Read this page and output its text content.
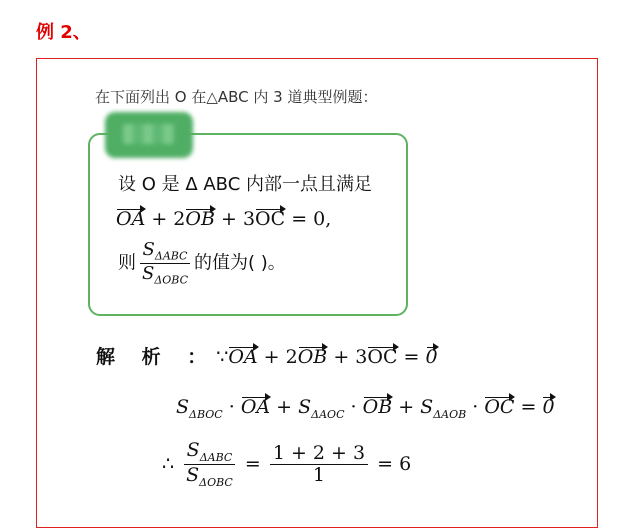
例 2、
在下面列出 O 在△ABC 内 3 道典型例题：
设 O 是 Δ ABC 内部一点且满足
OA + 2OB + 3OC = 0,
则 $\frac{S_{\Delta ABC}}{S_{\Delta OBC}}$ 的值为( )。
解 析 ：∵OA + 2OB + 3OC = 0
$S_{\Delta BOC}$ · OA + $S_{\Delta AOC}$ · OB + $S_{\Delta AOB}$ · OC = 0
∴ $\frac{S_{\Delta ABC}}{S_{\Delta OBC}} = \frac{1 + 2 + 3}{1} = 6$
